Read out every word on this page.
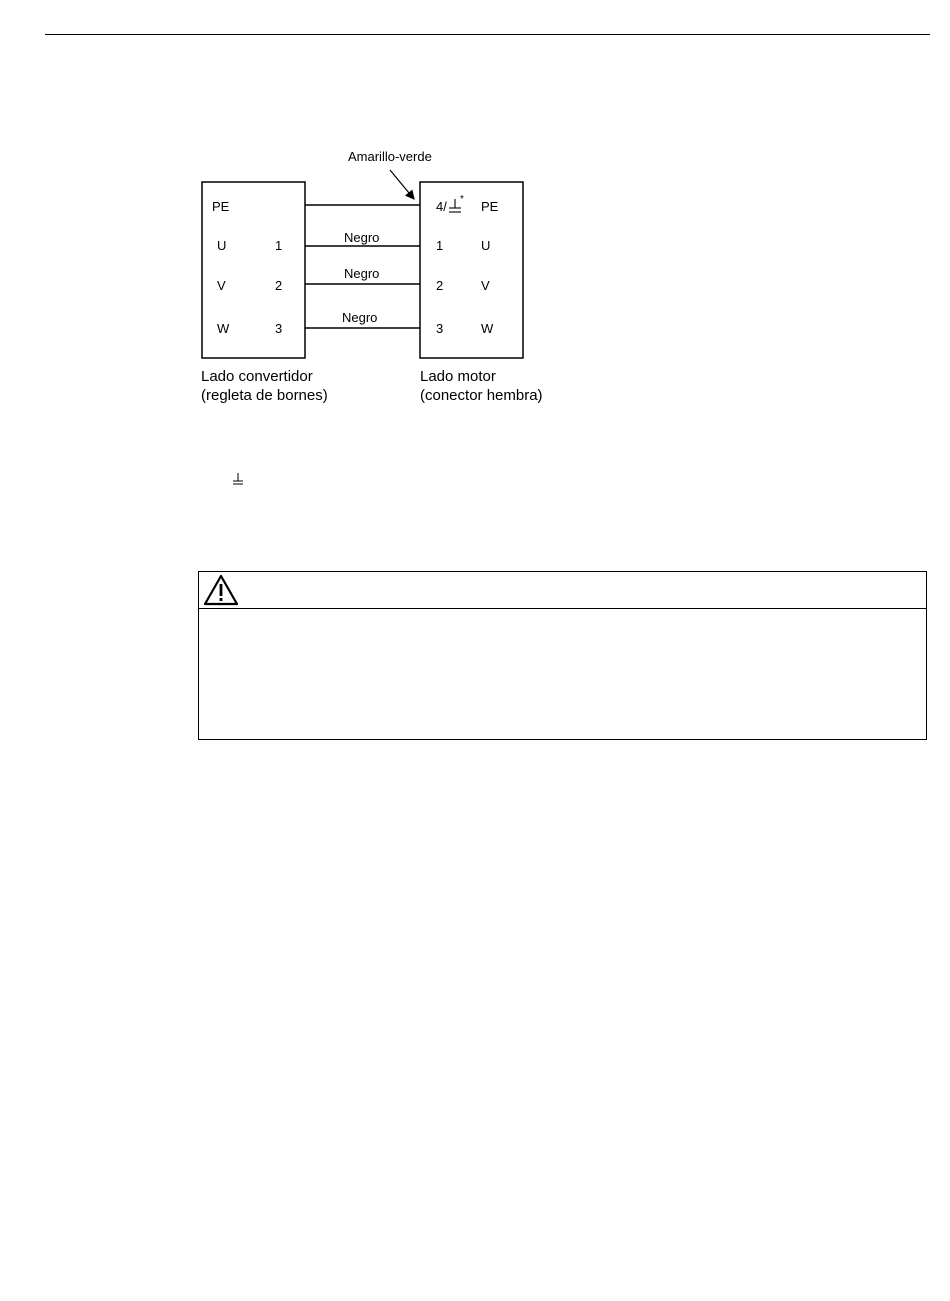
Amarillo-verde
Negro
Negro
Negro
PE
U	1
V	2
W	3
4/ * PE
1	U
2	V
3	W
Lado convertidor
(regleta de bornes)
Lado motor
(conector hembra)
